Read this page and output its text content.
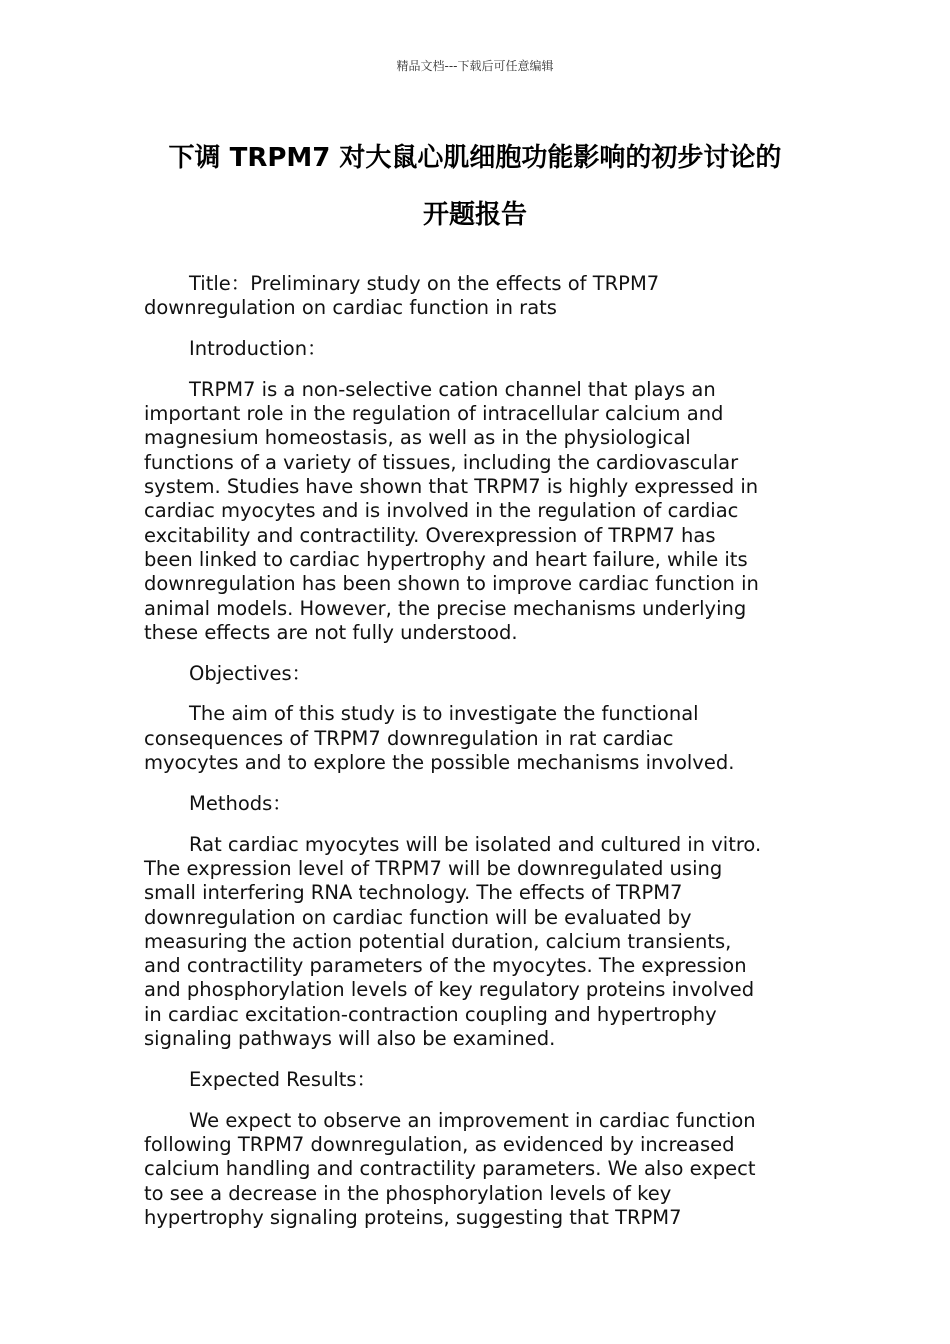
精品文档---下载后可任意编辑
下调 TRPM7 对大鼠心肌细胞功能影响的初步讨论的
开题报告

Title：Preliminary study on the effects of TRPM7
downregulation on cardiac function in rats

Introduction：

TRPM7 is a non-selective cation channel that plays an
important role in the regulation of intracellular calcium and
magnesium homeostasis, as well as in the physiological
functions of a variety of tissues, including the cardiovascular
system. Studies have shown that TRPM7 is highly expressed in
cardiac myocytes and is involved in the regulation of cardiac
excitability and contractility. Overexpression of TRPM7 has
been linked to cardiac hypertrophy and heart failure, while its
downregulation has been shown to improve cardiac function in
animal models. However, the precise mechanisms underlying
these effects are not fully understood.

Objectives：

The aim of this study is to investigate the functional
consequences of TRPM7 downregulation in rat cardiac
myocytes and to explore the possible mechanisms involved.

Methods：

Rat cardiac myocytes will be isolated and cultured in vitro.
The expression level of TRPM7 will be downregulated using
small interfering RNA technology. The effects of TRPM7
downregulation on cardiac function will be evaluated by
measuring the action potential duration, calcium transients,
and contractility parameters of the myocytes. The expression
and phosphorylation levels of key regulatory proteins involved
in cardiac excitation-contraction coupling and hypertrophy
signaling pathways will also be examined.

Expected Results：

We expect to observe an improvement in cardiac function
following TRPM7 downregulation, as evidenced by increased
calcium handling and contractility parameters. We also expect
to see a decrease in the phosphorylation levels of key
hypertrophy signaling proteins, suggesting that TRPM7
